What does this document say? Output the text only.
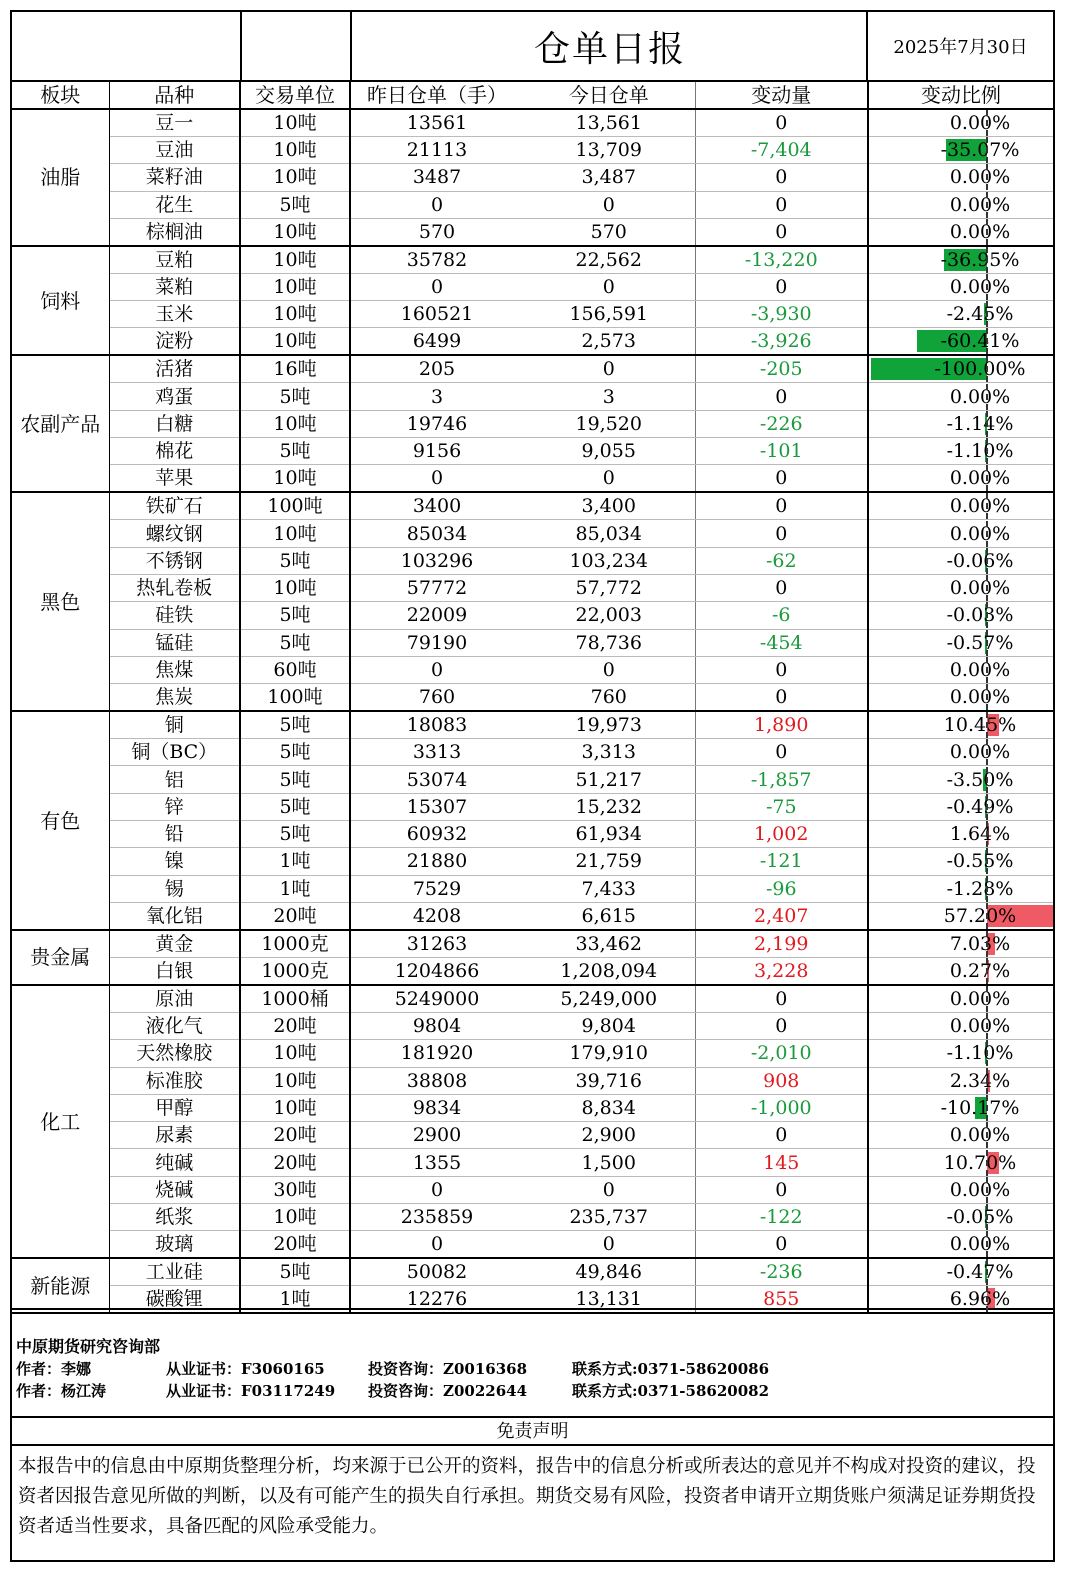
仓单日报	2025年7月30日
板块	品种	交易单位	昨日仓单（手）	今日仓单	变动量	变动比例
油脂	豆一	10吨	13561	13,561	0	0.00%

	豆油	10吨	21113	13,709	-7,404	-35.07%

	菜籽油	10吨	3487	3,487	0	0.00%

	花生	5吨	0	0	0	0.00%

	棕榈油	10吨	570	570	0	0.00%

饲料	豆粕	10吨	35782	22,562	-13,220	-36.95%

	菜粕	10吨	0	0	0	0.00%

	玉米	10吨	160521	156,591	-3,930	-2.45%

	淀粉	10吨	6499	2,573	-3,926	-60.41%

农副产品	活猪	16吨	205	0	-205	-100.00%

	鸡蛋	5吨	3	3	0	0.00%

	白糖	10吨	19746	19,520	-226	-1.14%

	棉花	5吨	9156	9,055	-101	-1.10%

	苹果	10吨	0	0	0	0.00%

黑色	铁矿石	100吨	3400	3,400	0	0.00%

	螺纹钢	10吨	85034	85,034	0	0.00%

	不锈钢	5吨	103296	103,234	-62	-0.06%

	热轧卷板	10吨	57772	57,772	0	0.00%

	硅铁	5吨	22009	22,003	-6	-0.03%

	锰硅	5吨	79190	78,736	-454	-0.57%

	焦煤	60吨	0	0	0	0.00%

	焦炭	100吨	760	760	0	0.00%

有色	铜	5吨	18083	19,973	1,890	10.45%

	铜（BC）	5吨	3313	3,313	0	0.00%

	铝	5吨	53074	51,217	-1,857	-3.50%

	锌	5吨	15307	15,232	-75	-0.49%

	铅	5吨	60932	61,934	1,002	1.64%

	镍	1吨	21880	21,759	-121	-0.55%

	锡	1吨	7529	7,433	-96	-1.28%

	氧化铝	20吨	4208	6,615	2,407	57.20%

贵金属	黄金	1000克	31263	33,462	2,199	7.03%

	白银	1000克	1204866	1,208,094	3,228	0.27%

化工	原油	1000桶	5249000	5,249,000	0	0.00%

	液化气	20吨	9804	9,804	0	0.00%

	天然橡胶	10吨	181920	179,910	-2,010	-1.10%

	标准胶	10吨	38808	39,716	908	2.34%

	甲醇	10吨	9834	8,834	-1,000	-10.17%

	尿素	20吨	2900	2,900	0	0.00%

	纯碱	20吨	1355	1,500	145	10.70%

	烧碱	30吨	0	0	0	0.00%

	纸浆	10吨	235859	235,737	-122	-0.05%

	玻璃	20吨	0	0	0	0.00%

新能源	工业硅	5吨	50082	49,846	-236	-0.47%

	碳酸锂	1吨	12276	13,131	855	6.96%
中原期货研究咨询部
作者：李娜	从业证书：F3060165	投资咨询：Z0016368	联系方式:0371-58620086
作者：杨江涛	从业证书：F03117249 投资咨询：Z0022644	联系方式:0371-58620082
免责声明
本报告中的信息由中原期货整理分析，均来源于已公开的资料，报告中的信息分析或所表达的意见并不构成对投资的建议，投资者因报告意见所做的判断，以及有可能产生的损失自行承担。期货交易有风险，投资者申请开立期货账户须满足证券期货投资者适当性要求，具备匹配的风险承受能力。
